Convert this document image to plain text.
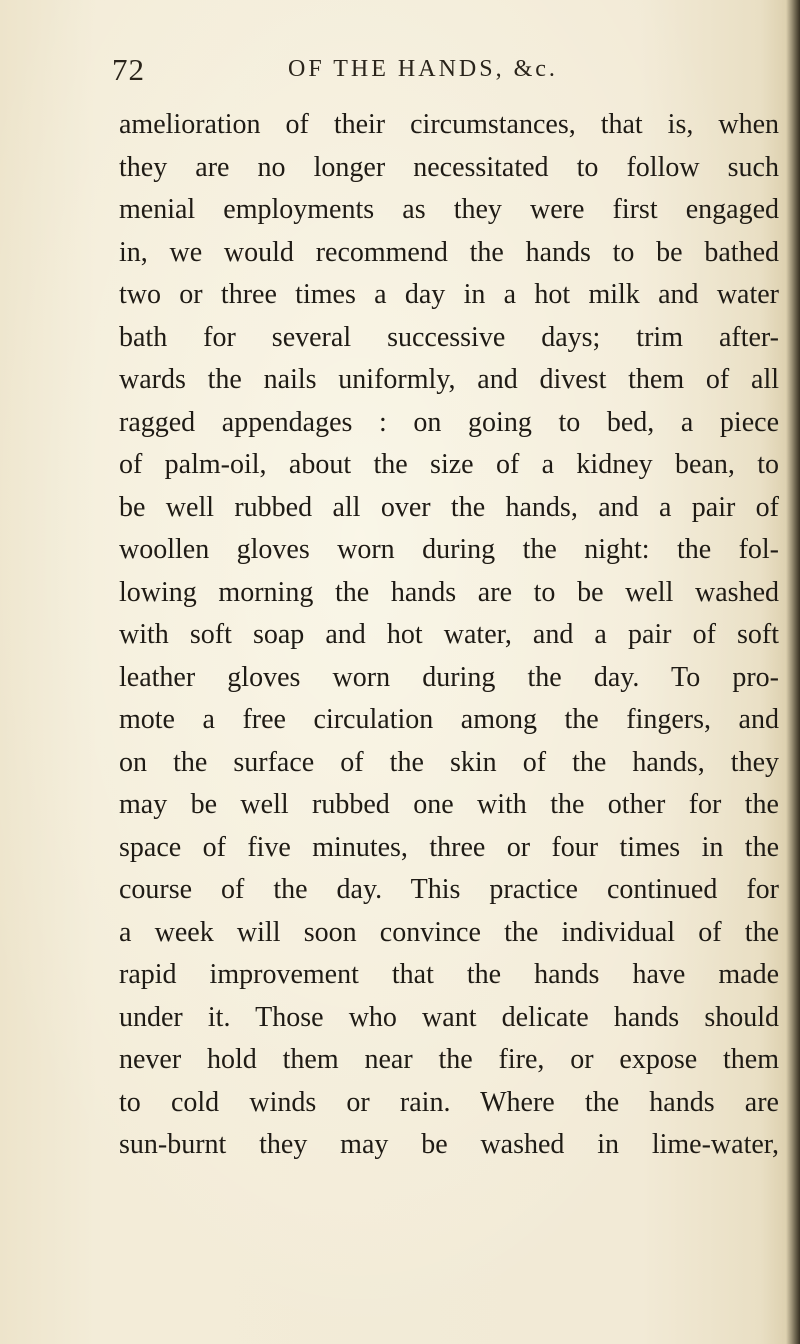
72	OF THE HANDS, &c.
amelioration of their circumstances, that is, when
they are no longer necessitated to follow such
menial employments as they were first engaged
in, we would recommend the hands to be bathed
two or three times a day in a hot milk and water
bath for several successive days; trim after-
wards the nails uniformly, and divest them of all
ragged appendages : on going to bed, a piece
of palm-oil, about the size of a kidney bean, to
be well rubbed all over the hands, and a pair of
woollen gloves worn during the night: the fol-
lowing morning the hands are to be well washed
with soft soap and hot water, and a pair of soft
leather gloves worn during the day. To pro-
mote a free circulation among the fingers, and
on the surface of the skin of the hands, they
may be well rubbed one with the other for the
space of five minutes, three or four times in the
course of the day. This practice continued for
a week will soon convince the individual of the
rapid improvement that the hands have made
under it. Those who want delicate hands should
never hold them near the fire, or expose them
to cold winds or rain. Where the hands are
sun-burnt they may be washed in lime-water,
